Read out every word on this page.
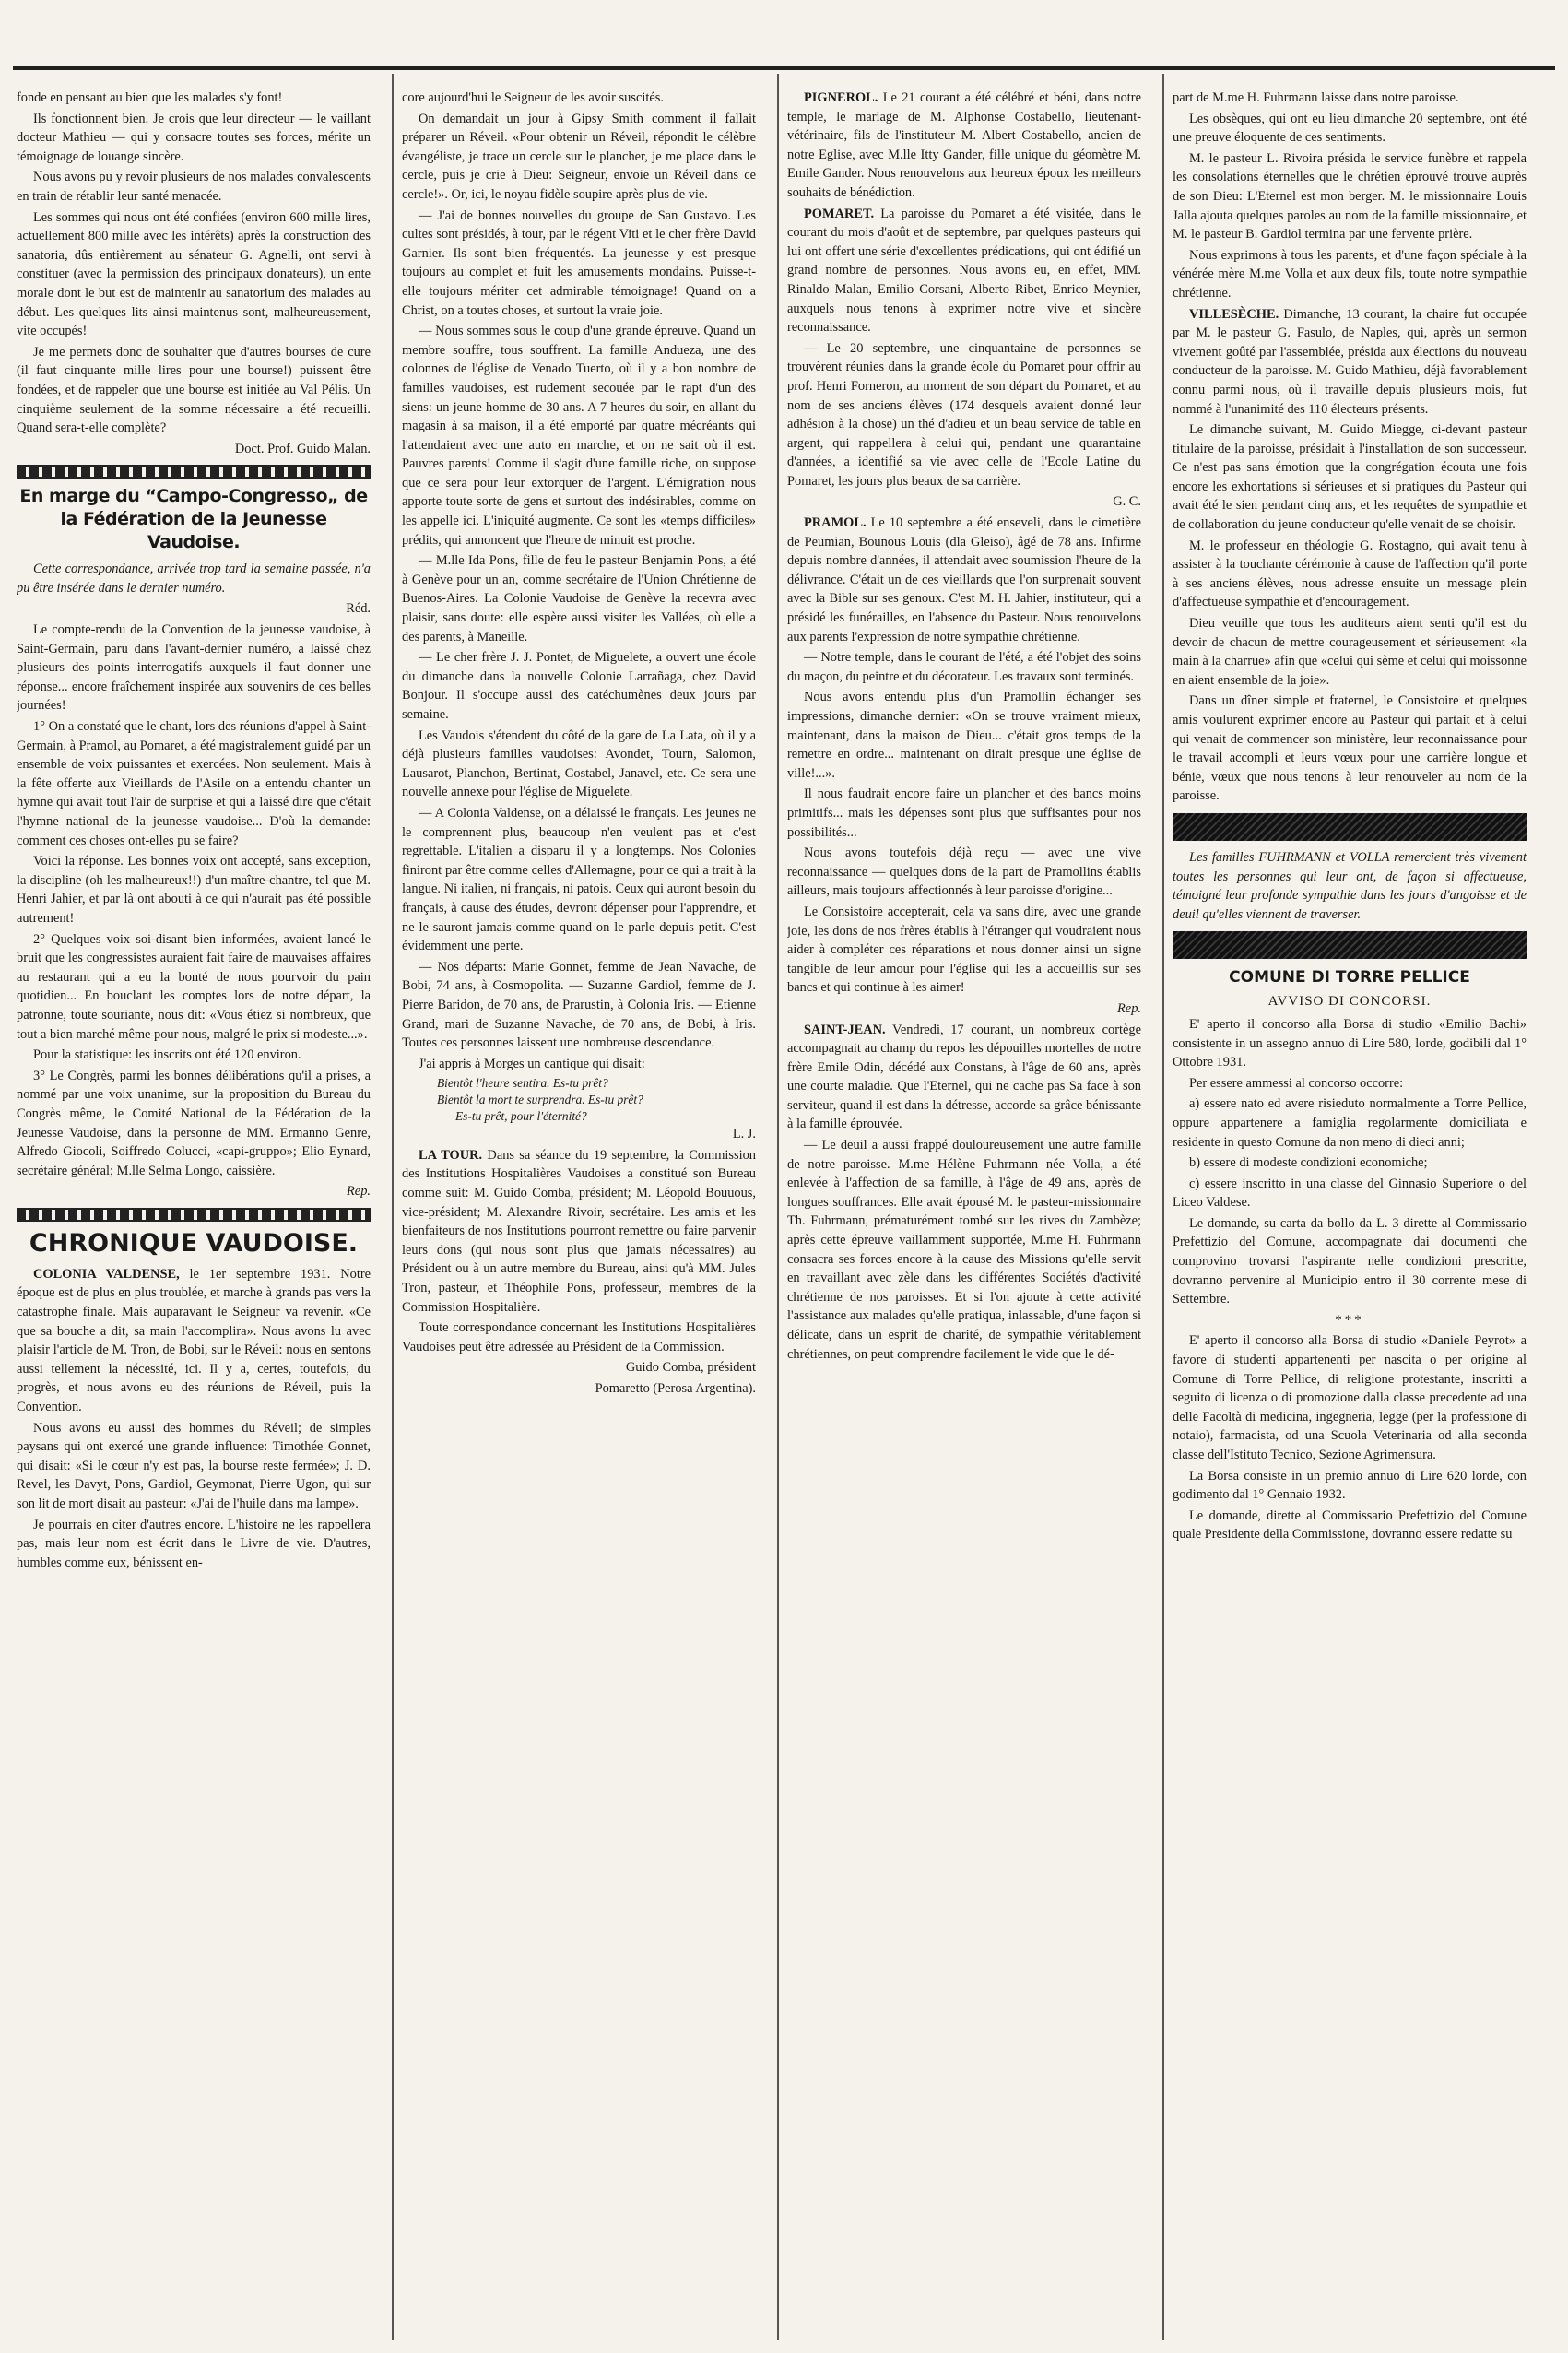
fonde en pensant au bien que les malades s'y font!

Ils fonctionnent bien. Je crois que leur directeur — le vaillant docteur Mathieu — qui y consacre toutes ses forces, mérite un témoignage de louange sincère.

Nous avons pu y revoir plusieurs de nos malades convalescents en train de rétablir leur santé menacée.

Les sommes qui nous ont été confiées (environ 600 mille lires, actuellement 800 mille avec les intérêts) après la construction des sanatoria, dûs entièrement au sénateur G. Agnelli, ont servi à constituer (avec la permission des principaux donateurs), un ente morale dont le but est de maintenir au sanatorium des malades au début. Les quelques lits ainsi maintenus sont, malheureusement, vite occupés!

Je me permets donc de souhaiter que d'autres bourses de cure (il faut cinquante mille lires pour une bourse!) puissent être fondées, et de rappeler que une bourse est initiée au Val Pélis. Un cinquième seulement de la somme nécessaire a été recueilli. Quand sera-t-elle complète?

Doct. Prof. Guido Malan.

En marge du “Campo-Congresso„ de la Fédération de la Jeunesse Vaudoise.

Cette correspondance, arrivée trop tard la semaine passée, n'a pu être insérée dans le dernier numéro.

Réd.

Le compte-rendu de la Convention de la jeunesse vaudoise, à Saint-Germain, paru dans l'avant-dernier numéro, a laissé chez plusieurs des points interrogatifs auxquels il faut donner une réponse... encore fraîchement inspirée aux souvenirs de ces belles journées!

1° On a constaté que le chant, lors des réunions d'appel à Saint-Germain, à Pramol, au Pomaret, a été magistralement guidé par un ensemble de voix puissantes et exercées. Non seulement. Mais à la fête offerte aux Vieillards de l'Asile on a entendu chanter un hymne qui avait tout l'air de surprise et qui a laissé dire que c'était l'hymne national de la jeunesse vaudoise... D'où la demande: comment ces choses ont-elles pu se faire?

Voici la réponse. Les bonnes voix ont accepté, sans exception, la discipline (oh les malheureux!!) d'un maître-chantre, tel que M. Henri Jahier, et par là ont abouti à ce qui n'aurait pas été possible autrement!

2° Quelques voix soi-disant bien informées, avaient lancé le bruit que les congressistes auraient fait faire de mauvaises affaires au restaurant qui a eu la bonté de nous pourvoir du pain quotidien... En bouclant les comptes lors de notre départ, la patronne, toute souriante, nous dit: «Vous étiez si nombreux, que tout a bien marché même pour nous, malgré le prix si modeste...».

Pour la statistique: les inscrits ont été 120 environ.

3° Le Congrès, parmi les bonnes délibérations qu'il a prises, a nommé par une voix unanime, sur la proposition du Bureau du Congrès même, le Comité National de la Fédération de la Jeunesse Vaudoise, dans la personne de MM. Ermanno Genre, Alfredo Giocoli, Soiffredo Colucci, «capi-gruppo»; Elio Eynard, secrétaire général; M.lle Selma Longo, caissière.

Rep.

CHRONIQUE VAUDOISE.

COLONIA VALDENSE, le 1er septembre 1931. Notre époque est de plus en plus troublée, et marche à grands pas vers la catastrophe finale. Mais auparavant le Seigneur va revenir. «Ce que sa bouche a dit, sa main l'accomplira». Nous avons lu avec plaisir l'article de M. Tron, de Bobi, sur le Réveil: nous en sentons aussi tellement la nécessité, ici. Il y a, certes, toutefois, du progrès, et nous avons eu des réunions de Réveil, puis la Convention.

Nous avons eu aussi des hommes du Réveil; de simples paysans qui ont exercé une grande influence: Timothée Gonnet, qui disait: «Si le cœur n'y est pas, la bourse reste fermée»; J. D. Revel, les Davyt, Pons, Gardiol, Geymonat, Pierre Ugon, qui sur son lit de mort disait au pasteur: «J'ai de l'huile dans ma lampe».

Je pourrais en citer d'autres encore. L'histoire ne les rappellera pas, mais leur nom est écrit dans le Livre de vie. D'autres, humbles comme eux, bénissent en-

core aujourd'hui le Seigneur de les avoir suscités.

On demandait un jour à Gipsy Smith comment il fallait préparer un Réveil. «Pour obtenir un Réveil, répondit le célèbre évangéliste, je trace un cercle sur le plancher, je me place dans le cercle, puis je crie à Dieu: Seigneur, envoie un Réveil dans ce cercle!». Or, ici, le noyau fidèle soupire après plus de vie.

— J'ai de bonnes nouvelles du groupe de San Gustavo. Les cultes sont présidés, à tour, par le régent Viti et le cher frère David Garnier. Ils sont bien fréquentés. La jeunesse y est presque toujours au complet et fuit les amusements mondains. Puisse-t-elle toujours mériter cet admirable témoignage! Quand on a Christ, on a toutes choses, et surtout la vraie joie.

— Nous sommes sous le coup d'une grande épreuve. Quand un membre souffre, tous souffrent. La famille Andueza, une des colonnes de l'église de Venado Tuerto, où il y a bon nombre de familles vaudoises, est rudement secouée par le rapt d'un des siens: un jeune homme de 30 ans. A 7 heures du soir, en allant du magasin à sa maison, il a été emporté par quatre mécréants qui l'attendaient avec une auto en marche, et on ne sait où il est. Pauvres parents! Comme il s'agit d'une famille riche, on suppose que ce sera pour leur extorquer de l'argent. L'émigration nous apporte toute sorte de gens et surtout des indésirables, comme on les appelle ici. L'iniquité augmente. Ce sont les «temps difficiles» prédits, qui annoncent que l'heure de minuit est proche.

— M.lle Ida Pons, fille de feu le pasteur Benjamin Pons, a été à Genève pour un an, comme secrétaire de l'Union Chrétienne de Buenos-Aires. La Colonie Vaudoise de Genève la recevra avec plaisir, sans doute: elle espère aussi visiter les Vallées, où elle a des parents, à Maneille.

— Le cher frère J. J. Pontet, de Miguelete, a ouvert une école du dimanche dans la nouvelle Colonie Larrañaga, chez David Bonjour. Il s'occupe aussi des catéchumènes deux jours par semaine.

Les Vaudois s'étendent du côté de la gare de La Lata, où il y a déjà plusieurs familles vaudoises: Avondet, Tourn, Salomon, Lausarot, Planchon, Bertinat, Costabel, Janavel, etc. Ce sera une nouvelle annexe pour l'église de Miguelete.

— A Colonia Valdense, on a délaissé le français. Les jeunes ne le comprennent plus, beaucoup n'en veulent pas et c'est regrettable. L'italien a disparu il y a longtemps. Nos Colonies finiront par être comme celles d'Allemagne, pour ce qui a trait à la langue. Ni italien, ni français, ni patois. Ceux qui auront besoin du français, à cause des études, devront dépenser pour l'apprendre, et ne le sauront jamais comme quand on le parle depuis petit. C'est évidemment une perte.

— Nos départs: Marie Gonnet, femme de Jean Navache, de Bobi, 74 ans, à Cosmopolita. — Suzanne Gardiol, femme de J. Pierre Baridon, de 70 ans, de Prarustin, à Colonia Iris. — Etienne Grand, mari de Suzanne Navache, de 70 ans, de Bobi, à Iris. Toutes ces personnes laissent une nombreuse descendance.

J'ai appris à Morges un cantique qui disait:

Bientôt l'heure sentira. Es-tu prêt?
Bientôt la mort te surprendra. Es-tu prêt?
Es-tu prêt, pour l'éternité?

L. J.

LA TOUR. Dans sa séance du 19 septembre, la Commission des Institutions Hospitalières Vaudoises a constitué son Bureau comme suit: M. Guido Comba, président; M. Léopold Bouuous, vice-président; M. Alexandre Rivoir, secrétaire. Les amis et les bienfaiteurs de nos Institutions pourront remettre ou faire parvenir leurs dons (qui nous sont plus que jamais nécessaires) au Président ou à un autre membre du Bureau, ainsi qu'à MM. Jules Tron, pasteur, et Théophile Pons, professeur, membres de la Commission Hospitalière.

Toute correspondance concernant les Institutions Hospitalières Vaudoises peut être adressée au Président de la Commission.

Guido Comba, président

Pomaretto (Perosa Argentina).

PIGNEROL. Le 21 courant a été célébré et béni, dans notre temple, le mariage de M. Alphonse Costabello, lieutenant-vétérinaire, fils de l'instituteur M. Albert Costabello, ancien de notre Eglise, avec M.lle Itty Gander, fille unique du géomètre M. Emile Gander. Nous renouvelons aux heureux époux les meilleurs souhaits de bénédiction.

POMARET. La paroisse du Pomaret a été visitée, dans le courant du mois d'août et de septembre, par quelques pasteurs qui lui ont offert une série d'excellentes prédications, qui ont édifié un grand nombre de personnes. Nous avons eu, en effet, MM. Rinaldo Malan, Emilio Corsani, Alberto Ribet, Enrico Meynier, auxquels nous tenons à exprimer notre vive et sincère reconnaissance.

— Le 20 septembre, une cinquantaine de personnes se trouvèrent réunies dans la grande école du Pomaret pour offrir au prof. Henri Forneron, au moment de son départ du Pomaret, et au nom de ses anciens élèves (174 desquels avaient donné leur adhésion à la chose) un thé d'adieu et un beau service de table en argent, qui rappellera à celui qui, pendant une quarantaine d'années, a identifié sa vie avec celle de l'Ecole Latine du Pomaret, les jours plus beaux de sa carrière.

G. C.

PRAMOL. Le 10 septembre a été enseveli, dans le cimetière de Peumian, Bounous Louis (dla Gleiso), âgé de 78 ans. Infirme depuis nombre d'années, il attendait avec soumission l'heure de la délivrance. C'était un de ces vieillards que l'on surprenait souvent avec la Bible sur ses genoux. C'est M. H. Jahier, instituteur, qui a présidé les funérailles, en l'absence du Pasteur. Nous renouvelons aux parents l'expression de notre sympathie chrétienne.

— Notre temple, dans le courant de l'été, a été l'objet des soins du maçon, du peintre et du décorateur. Les travaux sont terminés.

Nous avons entendu plus d'un Pramollin échanger ses impressions, dimanche dernier: «On se trouve vraiment mieux, maintenant, dans la maison de Dieu... c'était gros temps de la remettre en ordre... maintenant on dirait presque une église de ville!...».

Il nous faudrait encore faire un plancher et des bancs moins primitifs... mais les dépenses sont plus que suffisantes pour nos possibilités...

Nous avons toutefois déjà reçu — avec une vive reconnaissance — quelques dons de la part de Pramollins établis ailleurs, mais toujours affectionnés à leur paroisse d'origine...

Le Consistoire accepterait, cela va sans dire, avec une grande joie, les dons de nos frères établis à l'étranger qui voudraient nous aider à compléter ces réparations et nous donner ainsi un signe tangible de leur amour pour l'église qui les a accueillis sur ses bancs et qui continue à les aimer!

Rep.

SAINT-JEAN. Vendredi, 17 courant, un nombreux cortège accompagnait au champ du repos les dépouilles mortelles de notre frère Emile Odin, décédé aux Constans, à l'âge de 60 ans, après une courte maladie. Que l'Eternel, qui ne cache pas Sa face à son serviteur, quand il est dans la détresse, accorde sa grâce bénissante à la famille éprouvée.

— Le deuil a aussi frappé douloureusement une autre famille de notre paroisse. M.me Hélène Fuhrmann née Volla, a été enlevée à l'affection de sa famille, à l'âge de 49 ans, après de longues souffrances. Elle avait épousé M. le pasteur-missionnaire Th. Fuhrmann, prématurément tombé sur les rives du Zambèze; après cette épreuve vaillamment supportée, M.me H. Fuhrmann consacra ses forces encore à la cause des Missions qu'elle servit en travaillant avec zèle dans les différentes Sociétés d'activité chrétienne de nos paroisses. Et si l'on ajoute à cette activité l'assistance aux malades qu'elle pratiqua, inlassable, d'une façon si délicate, dans un esprit de charité, de sympathie véritablement chrétiennes, on peut comprendre facilement le vide que le dé-

part de M.me H. Fuhrmann laisse dans notre paroisse.

Les obsèques, qui ont eu lieu dimanche 20 septembre, ont été une preuve éloquente de ces sentiments.

M. le pasteur L. Rivoira présida le service funèbre et rappela les consolations éternelles que le chrétien éprouvé trouve auprès de son Dieu: L'Eternel est mon berger. M. le missionnaire Louis Jalla ajouta quelques paroles au nom de la famille missionnaire, et M. le pasteur B. Gardiol termina par une fervente prière.

Nous exprimons à tous les parents, et d'une façon spéciale à la vénérée mère M.me Volla et aux deux fils, toute notre sympathie chrétienne.

VILLESÈCHE. Dimanche, 13 courant, la chaire fut occupée par M. le pasteur G. Fasulo, de Naples, qui, après un sermon vivement goûté par l'assemblée, présida aux élections du nouveau conducteur de la paroisse. M. Guido Mathieu, déjà favorablement connu parmi nous, où il travaille depuis plusieurs mois, fut nommé à l'unanimité des 110 électeurs présents.

Le dimanche suivant, M. Guido Miegge, ci-devant pasteur titulaire de la paroisse, présidait à l'installation de son successeur. Ce n'est pas sans émotion que la congrégation écouta une fois encore les exhortations si sérieuses et si pratiques du Pasteur qui avait été le sien pendant cinq ans, et les requêtes de sympathie et de collaboration du jeune conducteur qu'elle venait de se choisir.

M. le professeur en théologie G. Rostagno, qui avait tenu à assister à la touchante cérémonie à cause de l'affection qu'il porte à ses anciens élèves, nous adresse ensuite un message plein d'affectueuse sympathie et d'encouragement.

Dieu veuille que tous les auditeurs aient senti qu'il est du devoir de chacun de mettre courageusement et sérieusement «la main à la charrue» afin que «celui qui sème et celui qui moissonne en aient ensemble de la joie».

Dans un dîner simple et fraternel, le Consistoire et quelques amis voulurent exprimer encore au Pasteur qui partait et à celui qui venait de commencer son ministère, leur reconnaissance pour le travail accompli et leurs vœux pour une carrière longue et bénie, vœux que nous tenons à leur renouveler au nom de la paroisse.

Les familles FUHRMANN et VOLLA remercient très vivement toutes les personnes qui leur ont, de façon si affectueuse, témoigné leur profonde sympathie dans les jours d'angoisse et de deuil qu'elles viennent de traverser.

COMUNE DI TORRE PELLICE
AVVISO DI CONCORSI.

E' aperto il concorso alla Borsa di studio «Emilio Bachi» consistente in un assegno annuo di Lire 580, lorde, godibili dal 1° Ottobre 1931.

Per essere ammessi al concorso occorre:

a) essere nato ed avere risieduto normalmente a Torre Pellice, oppure appartenere a famiglia regolarmente domiciliata e residente in questo Comune da non meno di dieci anni;

b) essere di modeste condizioni economiche;

c) essere inscritto in una classe del Ginnasio Superiore o del Liceo Valdese.

Le domande, su carta da bollo da L. 3 dirette al Commissario Prefettizio del Comune, accompagnate dai documenti che comprovino trovarsi l'aspirante nelle condizioni prescritte, dovranno pervenire al Municipio entro il 30 corrente mese di Settembre.

***

E' aperto il concorso alla Borsa di studio «Daniele Peyrot» a favore di studenti appartenenti per nascita o per origine al Comune di Torre Pellice, di religione protestante, inscritti a seguito di licenza o di promozione dalla classe precedente ad una delle Facoltà di medicina, ingegneria, legge (per la professione di notaio), farmacista, od una Scuola Veterinaria od alla seconda classe dell'Istituto Tecnico, Sezione Agrimensura.

La Borsa consiste in un premio annuo di Lire 620 lorde, con godimento dal 1° Gennaio 1932.

Le domande, dirette al Commissario Prefettizio del Comune quale Presidente della Commissione, dovranno essere redatte su
